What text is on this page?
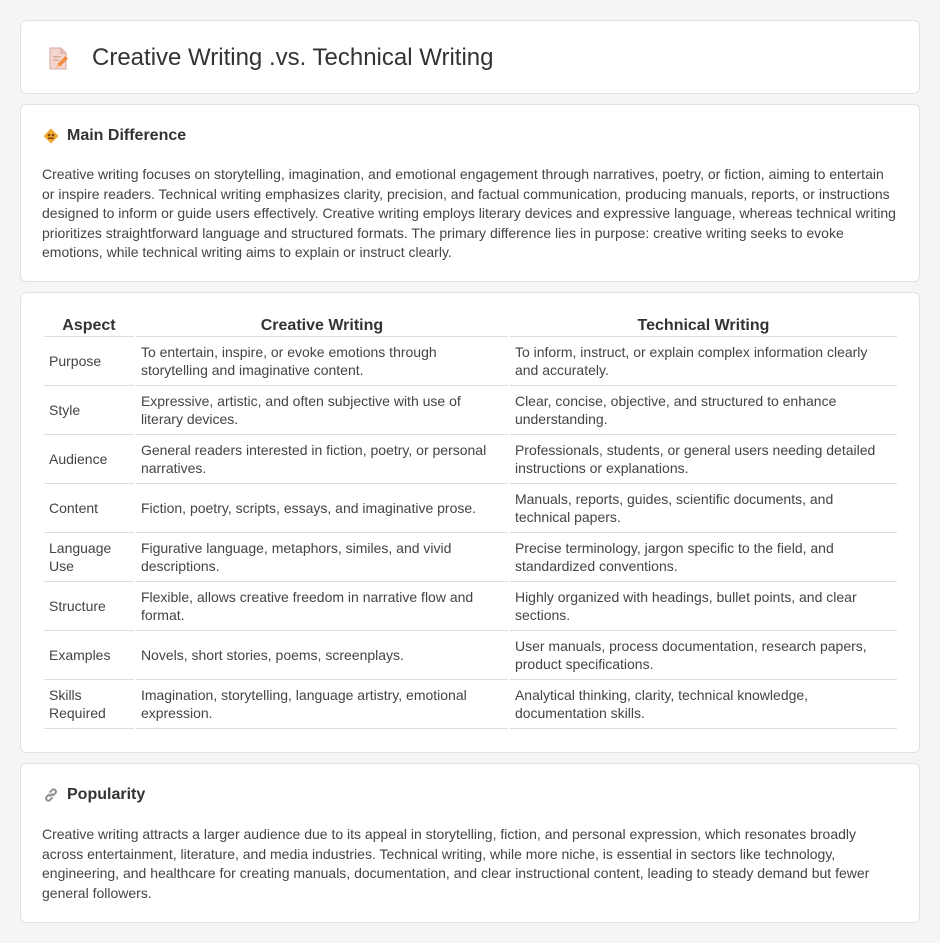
Creative Writing .vs. Technical Writing
Main Difference

Creative writing focuses on storytelling, imagination, and emotional engagement through narratives, poetry, or fiction, aiming to entertain or inspire readers. Technical writing emphasizes clarity, precision, and factual communication, producing manuals, reports, or instructions designed to inform or guide users effectively. Creative writing employs literary devices and expressive language, whereas technical writing prioritizes straightforward language and structured formats. The primary difference lies in purpose: creative writing seeks to evoke emotions, while technical writing aims to explain or instruct clearly.

Aspect	Creative Writing	Technical Writing
Purpose	To entertain, inspire, or evoke emotions through storytelling and imaginative content.	To inform, instruct, or explain complex information clearly and accurately.
Style	Expressive, artistic, and often subjective with use of literary devices.	Clear, concise, objective, and structured to enhance understanding.
Audience	General readers interested in fiction, poetry, or personal narratives.	Professionals, students, or general users needing detailed instructions or explanations.
Content	Fiction, poetry, scripts, essays, and imaginative prose.	Manuals, reports, guides, scientific documents, and technical papers.
Language Use	Figurative language, metaphors, similes, and vivid descriptions.	Precise terminology, jargon specific to the field, and standardized conventions.
Structure	Flexible, allows creative freedom in narrative flow and format.	Highly organized with headings, bullet points, and clear sections.
Examples	Novels, short stories, poems, screenplays.	User manuals, process documentation, research papers, product specifications.
Skills Required	Imagination, storytelling, language artistry, emotional expression.	Analytical thinking, clarity, technical knowledge, documentation skills.
Popularity

Creative writing attracts a larger audience due to its appeal in storytelling, fiction, and personal expression, which resonates broadly across entertainment, literature, and media industries. Technical writing, while more niche, is essential in sectors like technology, engineering, and healthcare for creating manuals, documentation, and clear instructional content, leading to steady demand but fewer general followers.
